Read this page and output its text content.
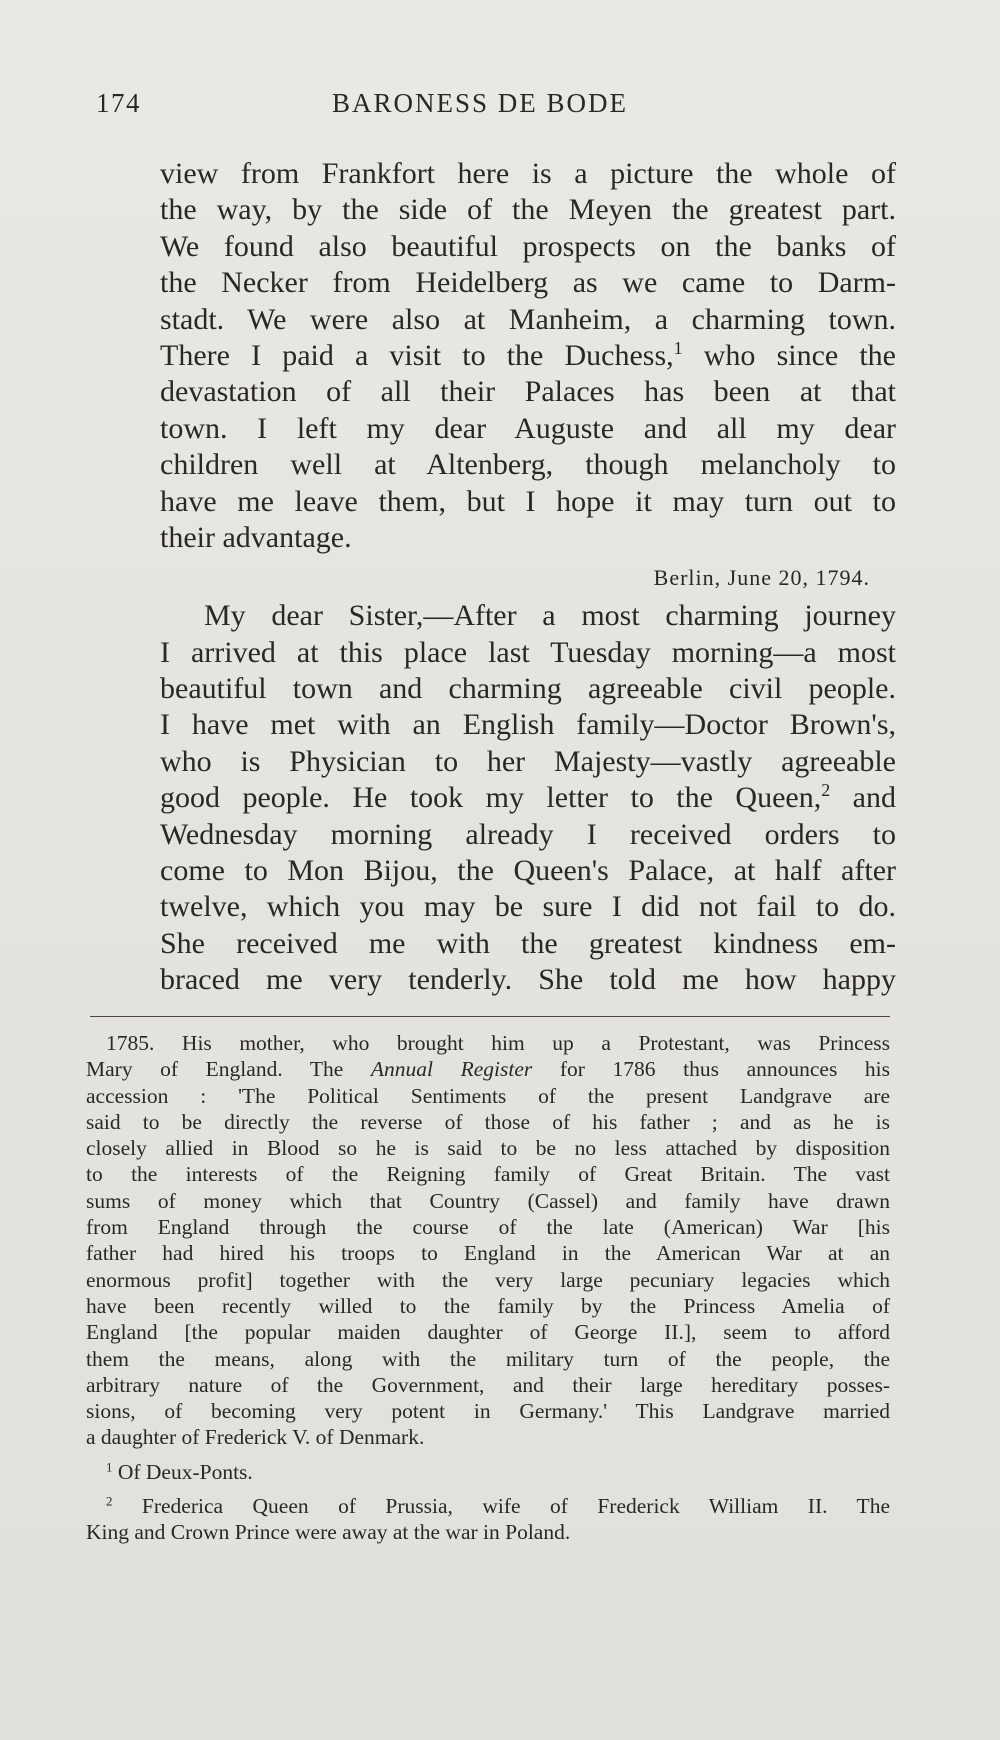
174	BARONESS DE BODE
view from Frankfort here is a picture the whole of
the way, by the side of the Meyen the greatest part.
We found also beautiful prospects on the banks of
the Necker from Heidelberg as we came to Darm-
stadt. We were also at Manheim, a charming town.
There I paid a visit to the Duchess,$^1$ who since the
devastation of all their Palaces has been at that
town. I left my dear Auguste and all my dear
children well at Altenberg, though melancholy to
have me leave them, but I hope it may turn out to
their advantage.
Berlin, June 20, 1794.
My dear Sister,—After a most charming journey
I arrived at this place last Tuesday morning—a most
beautiful town and charming agreeable civil people.
I have met with an English family—Doctor Brown's,
who is Physician to her Majesty—vastly agreeable
good people. He took my letter to the Queen,$^2$ and
Wednesday morning already I received orders to
come to Mon Bijou, the Queen's Palace, at half after
twelve, which you may be sure I did not fail to do.
She received me with the greatest kindness em-
braced me very tenderly. She told me how happy
1785. His mother, who brought him up a Protestant, was Princess
Mary of England. The Annual Register for 1786 thus announces his
accession : 'The Political Sentiments of the present Landgrave are
said to be directly the reverse of those of his father ; and as he is
closely allied in Blood so he is said to be no less attached by disposition
to the interests of the Reigning family of Great Britain. The vast
sums of money which that Country (Cassel) and family have drawn
from England through the course of the late (American) War [his
father had hired his troops to England in the American War at an
enormous profit] together with the very large pecuniary legacies which
have been recently willed to the family by the Princess Amelia of
England [the popular maiden daughter of George II.], seem to afford
them the means, along with the military turn of the people, the
arbitrary nature of the Government, and their large hereditary posses-
sions, of becoming very potent in Germany.' This Landgrave married
a daughter of Frederick V. of Denmark.
$^1$ Of Deux-Ponts.
$^2$ Frederica Queen of Prussia, wife of Frederick William II. The
King and Crown Prince were away at the war in Poland.
